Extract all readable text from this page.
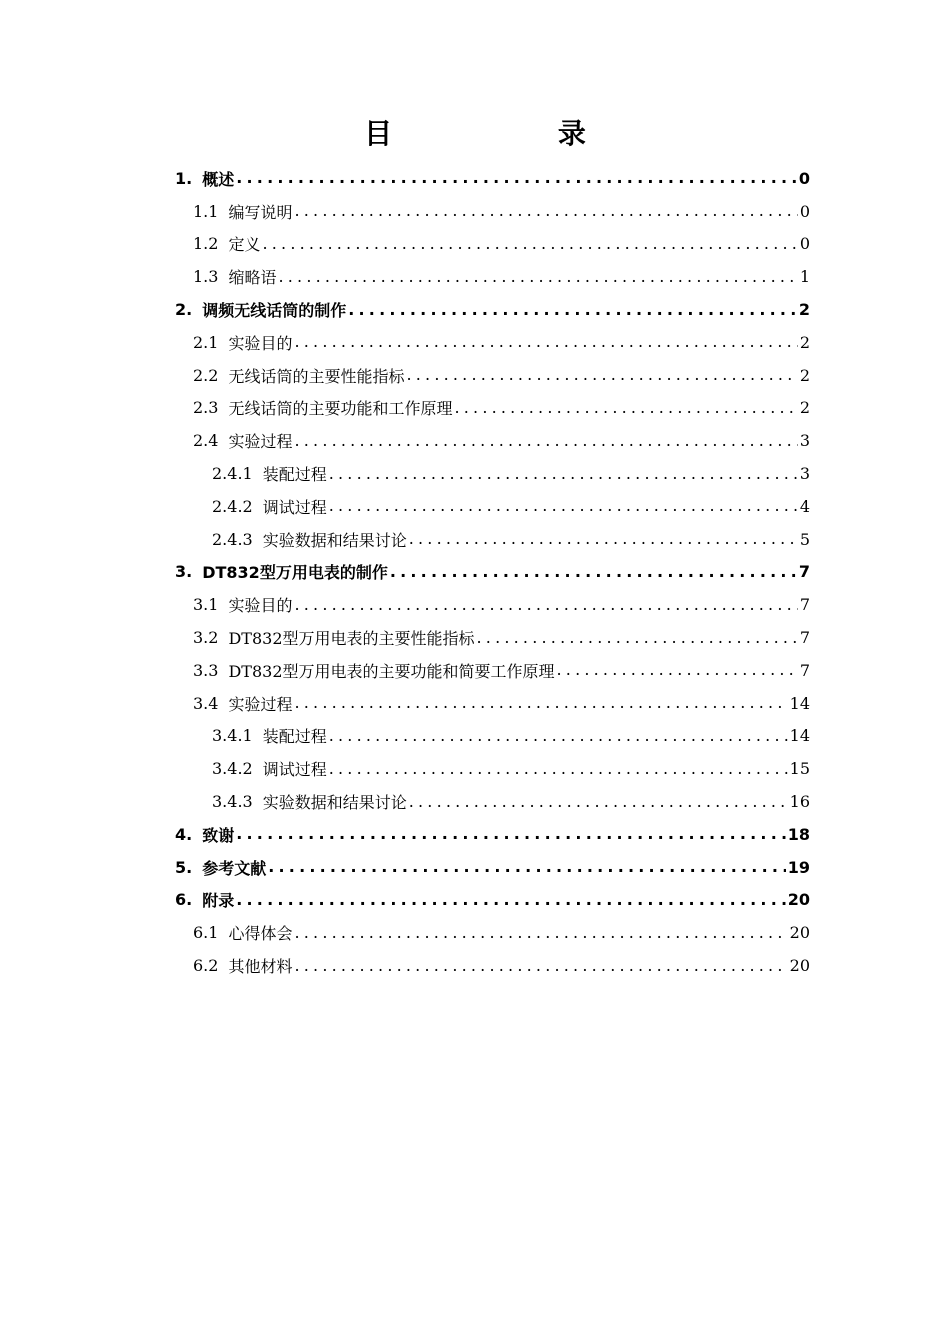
目 录
1. 概述 .....	0
1.1 编写说明 .....	0
1.2 定义 .....	0
1.3 缩略语 .....	1
2. 调频无线话筒的制作 .....	2
2.1 实验目的 .....	2
2.2 无线话筒的主要性能指标 .....	2
2.3 无线话筒的主要功能和工作原理 .....	2
2.4 实验过程 .....	3
2.4.1 装配过程 .....	3
2.4.2 调试过程 .....	4
2.4.3 实验数据和结果讨论 .....	5
3. DT832型万用电表的制作 .....	7
3.1 实验目的 .....	7
3.2 DT832型万用电表的主要性能指标 .....	7
3.3 DT832型万用电表的主要功能和简要工作原理 .....	7
3.4 实验过程 .....	14
3.4.1 装配过程 .....	14
3.4.2 调试过程 .....	15
3.4.3 实验数据和结果讨论 .....	16
4. 致谢 .....	18
5. 参考文献 .....	19
6. 附录 .....	20
6.1 心得体会 .....	20
6.2 其他材料 .....	20
